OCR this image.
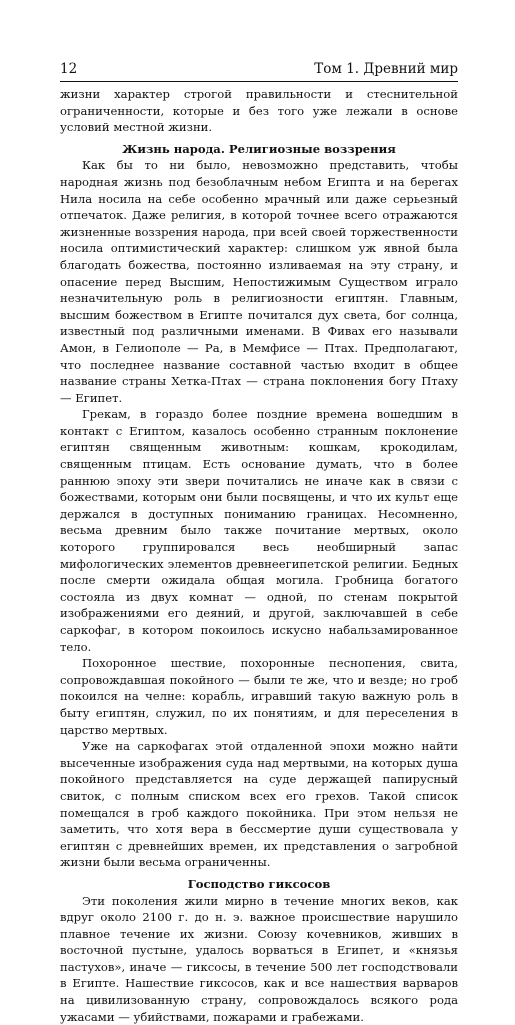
12	Том 1. Древний мир

жизни характер строгой правильности и стеснительной ограниченности, которые и без того уже лежали в основе условий местной жизни.

Жизнь народа. Религиозные воззрения

Как бы то ни было, невозможно представить, чтобы народная жизнь под безоблачным небом Египта и на берегах Нила носила на себе особенно мрачный или даже серьезный отпечаток. Даже религия, в которой точнее всего отражаются жизненные воззрения народа, при всей своей торжественности носила оптимистический характер: слишком уж явной была благодать божества, постоянно изливаемая на эту страну, и опасение перед Высшим, Непостижимым Существом играло незначительную роль в религиозности египтян. Главным, высшим божеством в Египте почитался дух света, бог солнца, известный под различными именами. В Фивах его называли Амон, в Гелиополе — Ра, в Мемфисе — Птах. Предполагают, что последнее название составной частью входит в общее название страны Хетка-Птах — страна поклонения богу Птаху — Египет.

Грекам, в гораздо более поздние времена вошедшим в контакт с Египтом, казалось особенно странным поклонение египтян священным животным: кошкам, крокодилам, священным птицам. Есть основание думать, что в более раннюю эпоху эти звери почитались не иначе как в связи с божествами, которым они были посвящены, и что их культ еще держался в доступных пониманию границах. Несомненно, весьма древним было также почитание мертвых, около которого группировался весь необширный запас мифологических элементов древнеегипетской религии. Бедных после смерти ожидала общая могила. Гробница богатого состояла из двух комнат — одной, по стенам покрытой изображениями его деяний, и другой, заключавшей в себе саркофаг, в котором покоилось искусно набальзамированное тело.

Похоронное шествие, похоронные песнопения, свита, сопровождавшая покойного — были те же, что и везде; но гроб покоился на челне: корабль, игравший такую важную роль в быту египтян, служил, по их понятиям, и для переселения в царство мертвых.

Уже на саркофагах этой отдаленной эпохи можно найти высеченные изображения суда над мертвыми, на которых душа покойного представляется на суде держащей папирусный свиток, с полным списком всех его грехов. Такой список помещался в гроб каждого покойника. При этом нельзя не заметить, что хотя вера в бессмертие души существовала у египтян с древнейших времен, их представления о загробной жизни были весьма ограниченны.

Господство гиксосов

Эти поколения жили мирно в течение многих веков, как вдруг около 2100 г. до н. э. важное происшествие нарушило плавное течение их жизни. Союзу кочевников, живших в восточной пустыне, удалось ворваться в Египет, и «князья пастухов», иначе — гиксосы, в течение 500 лет господствовали в Египте. Нашествие гиксосов, как и все нашествия варваров на цивилизованную страну, сопровождалось всякого рода ужасами — убийствами, пожарами и грабежами.
